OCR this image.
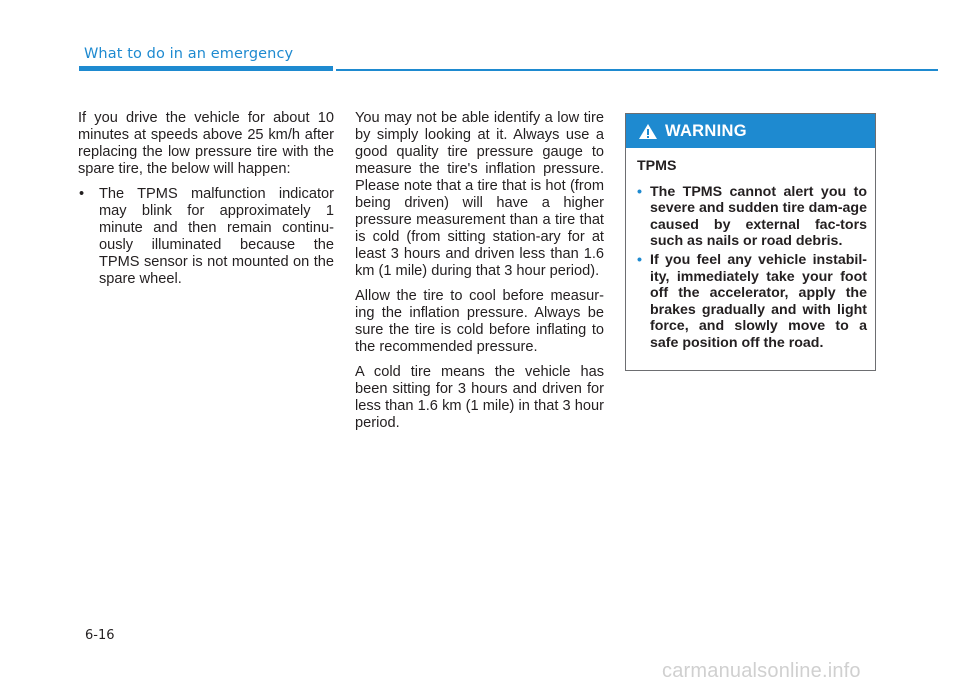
What to do in an emergency

If you drive the vehicle for about 10 minutes at speeds above 25 km/h after replacing the low pressure tire with the spare tire, the below will happen:

• The TPMS malfunction indicator may blink for approximately 1 minute and then remain continu-ously illuminated because the TPMS sensor is not mounted on the spare wheel.

You may not be able identify a low tire by simply looking at it. Always use a good quality tire pressure gauge to measure the tire's inflation pressure. Please note that a tire that is hot (from being driven) will have a higher pressure measurement than a tire that is cold (from sitting station-ary for at least 3 hours and driven less than 1.6 km (1 mile) during that 3 hour period).

Allow the tire to cool before measur-ing the inflation pressure. Always be sure the tire is cold before inflating to the recommended pressure.

A cold tire means the vehicle has been sitting for 3 hours and driven for less than 1.6 km (1 mile) in that 3 hour period.

WARNING
TPMS
• The TPMS cannot alert you to severe and sudden tire dam-age caused by external fac-tors such as nails or road debris.
• If you feel any vehicle instabil-ity, immediately take your foot off the accelerator, apply the brakes gradually and with light force, and slowly move to a safe position off the road.
6-16
carmanualsonline.info
